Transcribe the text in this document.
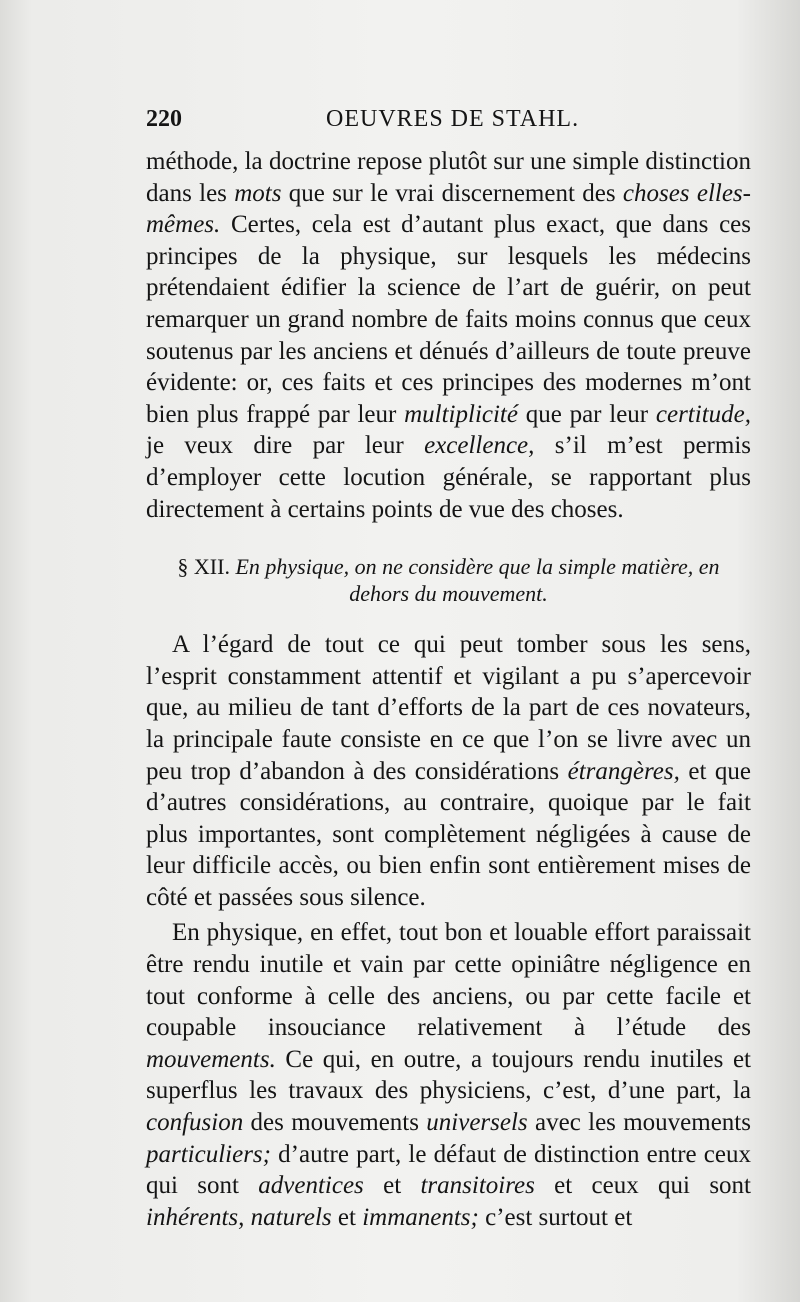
220	OEUVRES DE STAHL.

méthode, la doctrine repose plutôt sur une simple distinction dans les mots que sur le vrai discernement des choses elles-mêmes. Certes, cela est d’autant plus exact, que dans ces principes de la physique, sur lesquels les médecins prétendaient édifier la science de l’art de guérir, on peut remarquer un grand nombre de faits moins connus que ceux soutenus par les anciens et dénués d’ailleurs de toute preuve évidente: or, ces faits et ces principes des modernes m’ont bien plus frappé par leur multiplicité que par leur certitude, je veux dire par leur excellence, s’il m’est permis d’employer cette locution générale, se rapportant plus directement à certains points de vue des choses.

§ XII. En physique, on ne considère que la simple matière, en dehors du mouvement.

A l’égard de tout ce qui peut tomber sous les sens, l’esprit constamment attentif et vigilant a pu s’apercevoir que, au milieu de tant d’efforts de la part de ces novateurs, la principale faute consiste en ce que l’on se livre avec un peu trop d’abandon à des considérations étrangères, et que d’autres considérations, au contraire, quoique par le fait plus importantes, sont complètement négligées à cause de leur difficile accès, ou bien enfin sont entièrement mises de côté et passées sous silence.

En physique, en effet, tout bon et louable effort paraissait être rendu inutile et vain par cette opiniâtre négligence en tout conforme à celle des anciens, ou par cette facile et coupable insouciance relativement à l’étude des mouvements. Ce qui, en outre, a toujours rendu inutiles et superflus les travaux des physiciens, c’est, d’une part, la confusion des mouvements universels avec les mouvements particuliers; d’autre part, le défaut de distinction entre ceux qui sont adventices et transitoires et ceux qui sont inhérents, naturels et immanents; c’est surtout et
